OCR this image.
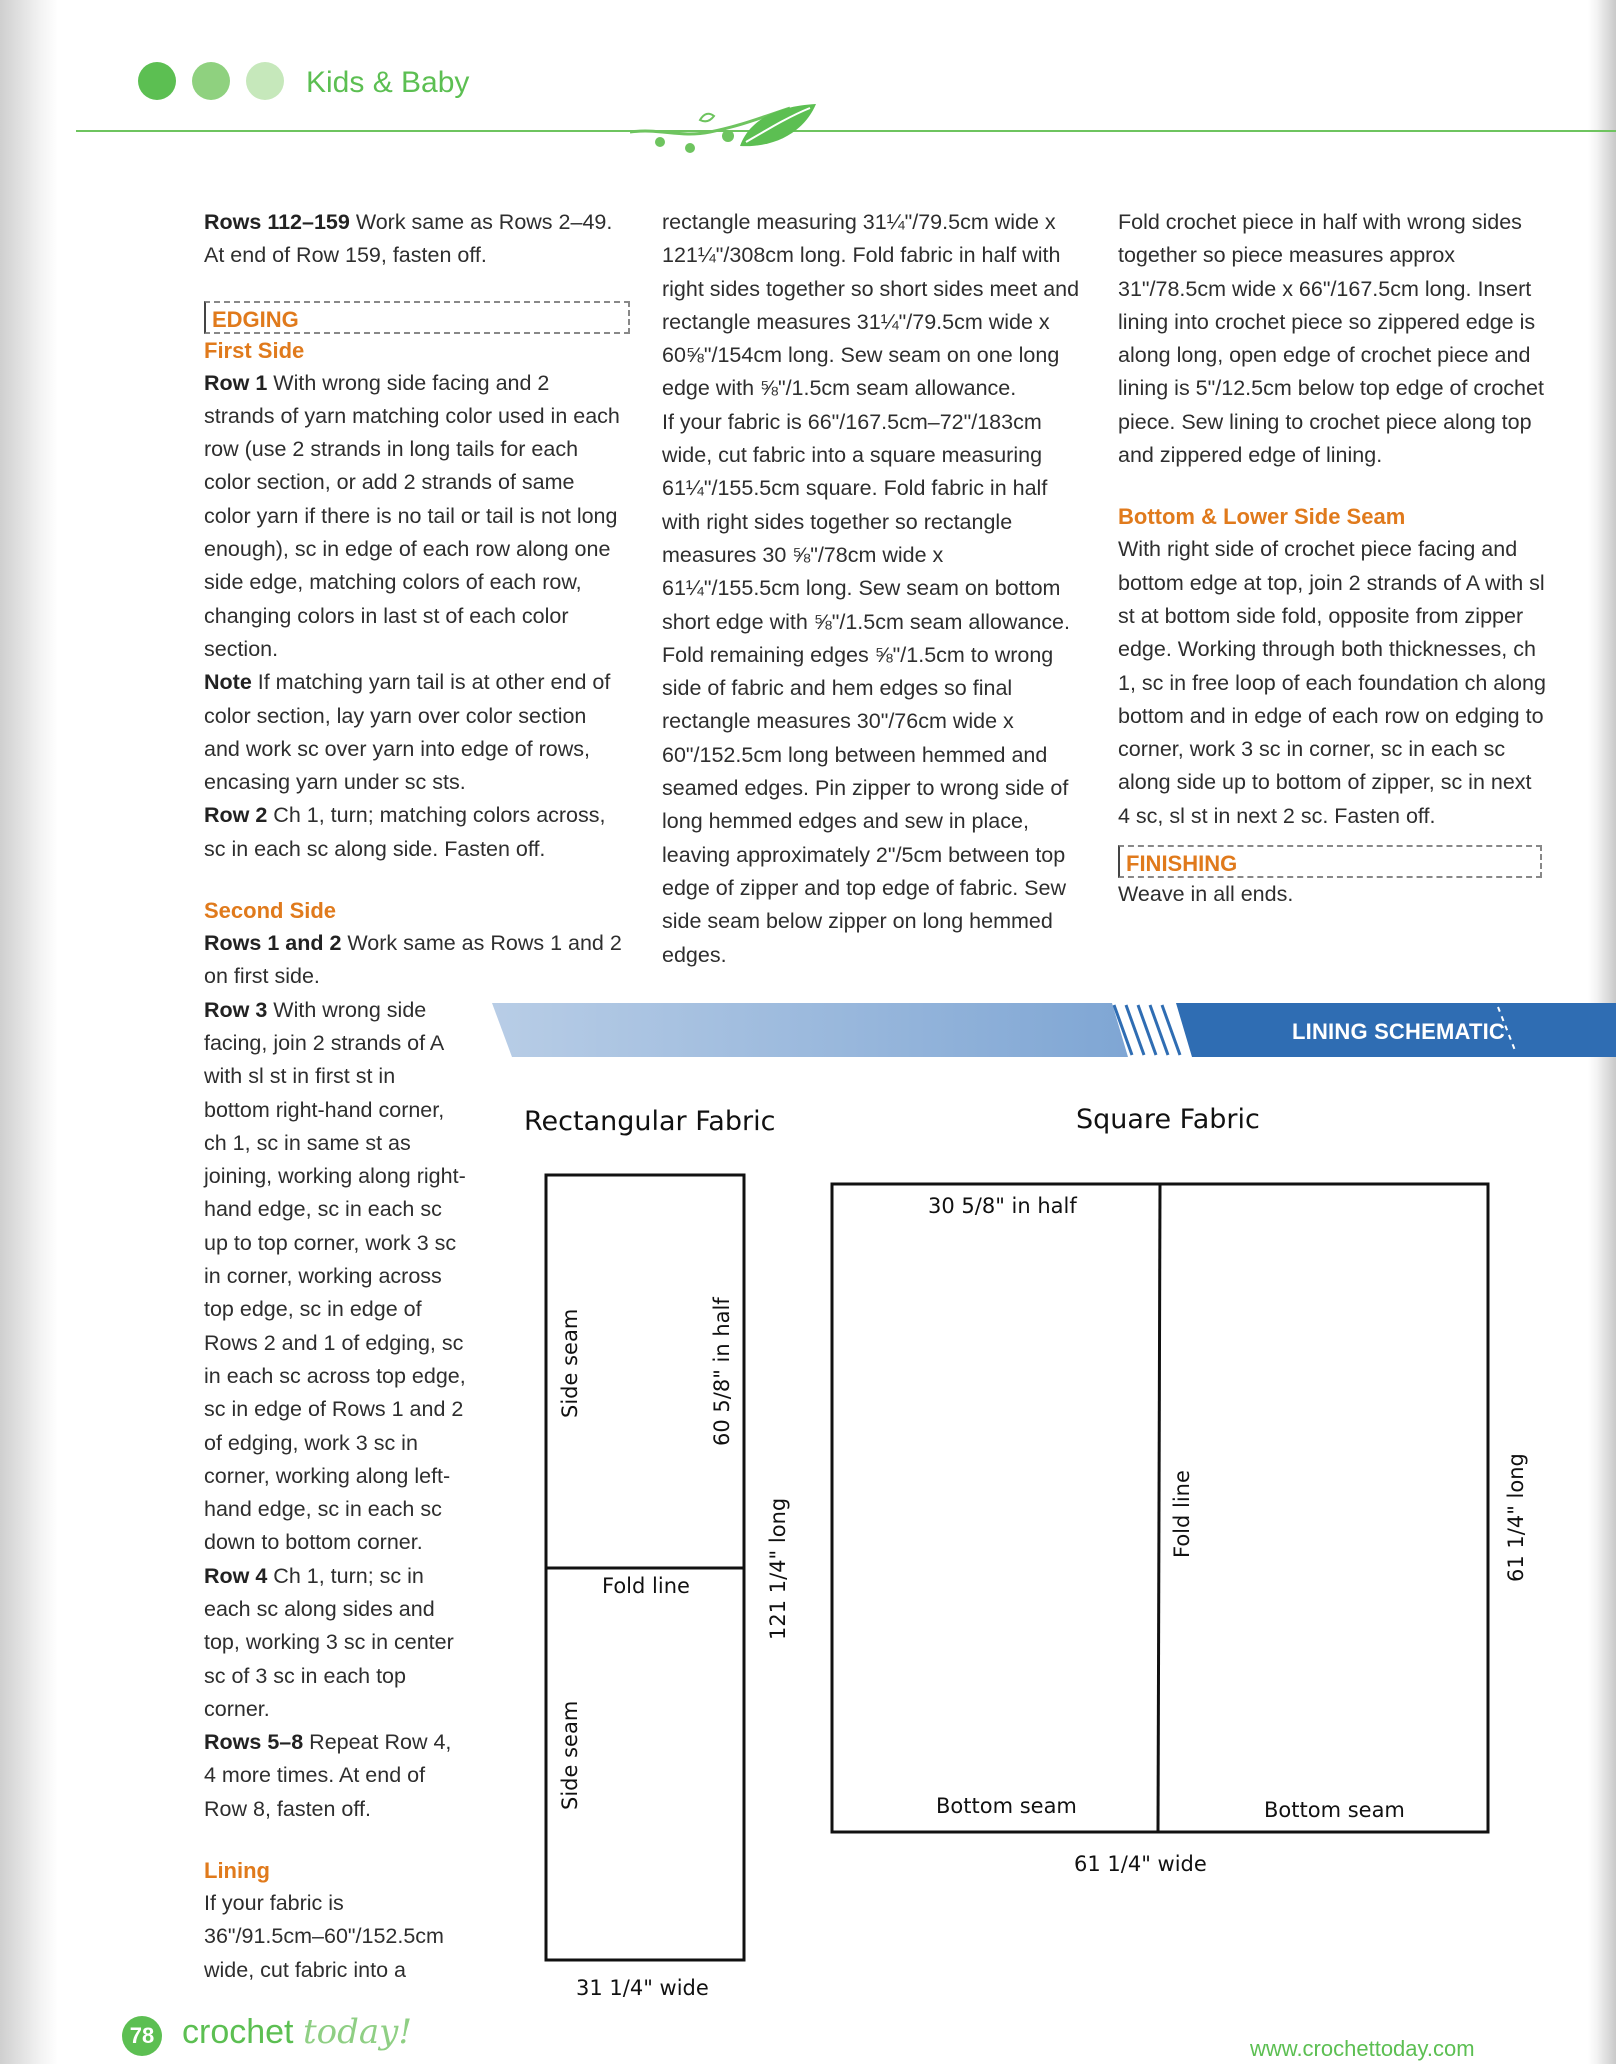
Kids & Baby

Rows 112–159 Work same as Rows 2–49. At end of Row 159, fasten off.

EDGING

First Side

Row 1 With wrong side facing and 2 strands of yarn matching color used in each row (use 2 strands in long tails for each color section, or add 2 strands of same color yarn if there is no tail or tail is not long enough), sc in edge of each row along one side edge, matching colors of each row, changing colors in last st of each color section.

Note If matching yarn tail is at other end of color section, lay yarn over color section and work sc over yarn into edge of rows, encasing yarn under sc sts.

Row 2 Ch 1, turn; matching colors across, sc in each sc along side. Fasten off.

Second Side

Rows 1 and 2 Work same as Rows 1 and 2 on first side.

Row 3 With wrong side facing, join 2 strands of A with sl st in first st in bottom right-hand corner, ch 1, sc in same st as joining, working along right-hand edge, sc in each sc up to top corner, work 3 sc in corner, working across top edge, sc in edge of Rows 2 and 1 of edging, sc in each sc across top edge, sc in edge of Rows 1 and 2 of edging, work 3 sc in corner, working along left-hand edge, sc in each sc down to bottom corner.

Row 4 Ch 1, turn; sc in each sc along sides and top, working 3 sc in center sc of 3 sc in each top corner.

Rows 5–8 Repeat Row 4, 4 more times. At end of Row 8, fasten off.

Lining

If your fabric is 36"/91.5cm–60"/152.5cm wide, cut fabric into a

rectangle measuring 31¼"/79.5cm wide x 121¼"/308cm long. Fold fabric in half with right sides together so short sides meet and rectangle measures 31¼"/79.5cm wide x 60⅝"/154cm long. Sew seam on one long edge with ⅝"/1.5cm seam allowance.

If your fabric is 66"/167.5cm–72"/183cm wide, cut fabric into a square measuring 61¼"/155.5cm square. Fold fabric in half with right sides together so rectangle measures 30 ⅝"/78cm wide x 61¼"/155.5cm long. Sew seam on bottom short edge with ⅝"/1.5cm seam allowance.

Fold remaining edges ⅝"/1.5cm to wrong side of fabric and hem edges so final rectangle measures 30"/76cm wide x 60"/152.5cm long between hemmed and seamed edges. Pin zipper to wrong side of long hemmed edges and sew in place, leaving approximately 2"/5cm between top edge of zipper and top edge of fabric. Sew side seam below zipper on long hemmed edges.

Fold crochet piece in half with wrong sides together so piece measures approx 31"/78.5cm wide x 66"/167.5cm long. Insert lining into crochet piece so zippered edge is along long, open edge of crochet piece and lining is 5"/12.5cm below top edge of crochet piece. Sew lining to crochet piece along top and zippered edge of lining.

Bottom & Lower Side Seam

With right side of crochet piece facing and bottom edge at top, join 2 strands of A with sl st at bottom side fold, opposite from zipper edge. Working through both thicknesses, ch 1, sc in free loop of each foundation ch along bottom and in edge of each row on edging to corner, work 3 sc in corner, sc in each sc along side up to bottom of zipper, sc in next 4 sc, sl st in next 2 sc. Fasten off.

FINISHING

Weave in all ends.

LINING SCHEMATIC
Rectangular Fabric	Square Fabric
Side seam	60 5/8" in half
Fold line
Side seam
121 1/4" long
31 1/4" wide
30 5/8" in half
Fold line
Bottom seam	Bottom seam
61 1/4" long
61 1/4" wide
78 crochet today!	www.crochettoday.com
